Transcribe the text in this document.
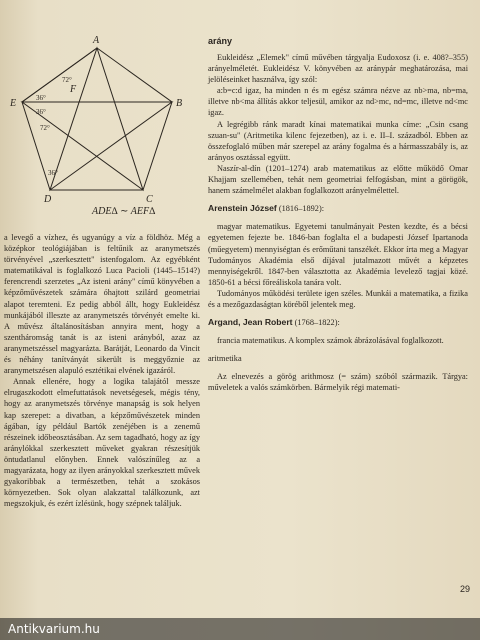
A
B
C
D
E
F
36°
36°
72°
72°
36°
ADE∆ ∼ AEF∆
arány

Eukleidész „Elemek" című művében tárgyalja Eudoxosz (i. e. 408?–355) arányelméletét. Eukleidész V. könyvében az aránypár meghatározása, mai jelöléseinket használva, így szól:

a:b=c:d igaz, ha minden n és m egész számra nézve az nb>ma, nb=ma, illetve nb<ma állítás akkor teljesül, amikor az nd>mc, nd=mc, illetve nd<mc igaz.

A legrégibb ránk maradt kínai matematikai munka címe: „Csin csang szuan-su" (Aritmetika kilenc fejezetben), az i. e. II–I. századból. Ebben az összefoglaló műben már szerepel az arány fogalma és a hármasszabály is, az arányos osztással együtt.

Naszír-al-dín (1201–1274) arab matematikus az előtte működő Omar Khajjam szellemében, tehát nem geometriai felfogásban, mint a görögök, hanem számelmélet alakban foglalkozott arányelmélettel.

Arenstein József (1816–1892):

magyar matematikus. Egyetemi tanulmányait Pesten kezdte, és a bécsi egyetemen fejezte be. 1846-ban foglalta el a budapesti József Ipartanoda (műegyetem) mennyiségtan és erőműtani tanszékét. Ekkor írta meg a Magyar Tudományos Akadémia első díjával jutalmazott művét a képzetes mennyiségekről. 1847-ben választotta az Akadémia levelező tagjai közé. 1850-61 a bécsi főreáliskola tanára volt.

Tudományos működési területe igen széles. Munkái a matematika, a fizika és a mezőgazdaságtan köréből jelentek meg.

Argand, Jean Robert (1768–1822):

francia matematikus. A komplex számok ábrázolásával foglalkozott.

aritmetika

Az elnevezés a görög arithmosz (= szám) szóból származik. Tárgya: műveletek a valós számkörben. Bármelyik régi matemati-

a levegő a vízhez, és ugyanúgy a víz a földhöz. Még a középkor teológiájában is feltűnik az aranymetszés törvényével „szerkesztett" istenfogalom. Az egyébként matematikával is foglalkozó Luca Pacioli (1445–1514?) ferencrendi szerzetes „Az isteni arány" című könyvében a képzőművészetek számára óhajtott szilárd geometriai alapot teremteni. Ez pedig abból állt, hogy Eukleidész munkájából illeszte az aranymetszés törvényét emelte ki. A művész általánosításban annyira ment, hogy a szentháromság tanát is az isteni arányból, azaz az aranymetszéssel magyarázta. Barátját, Leonardo da Vincit és néhány tanítványát sikerült is meggyőznie az aranymetszésen alapuló esztétikai elvének igazáról.

Annak ellenére, hogy a logika talajától messze elrugaszkodott elmefuttatások nevetségesek, mégis tény, hogy az aranymetszés törvénye manapság is sok helyen kap szerepet: a divatban, a képzőművészetek minden ágában, így például Bartók zenéjében is a zenemű részeinek időbeosztásában. Az sem tagadható, hogy az így aránylókkal szerkesztett műveket gyakran részesítjük öntudatlanul előnyben. Ennek valószínűleg az a magyarázata, hogy az ilyen arányokkal szerkesztett művek gyakoribbak a természetben, tehát a szokásos környezetben. Sok olyan alakzattal találkozunk, azt megszokjuk, és ezért ízlésünk, hogy szépnek találjuk.

29
Antikvarium.hu
